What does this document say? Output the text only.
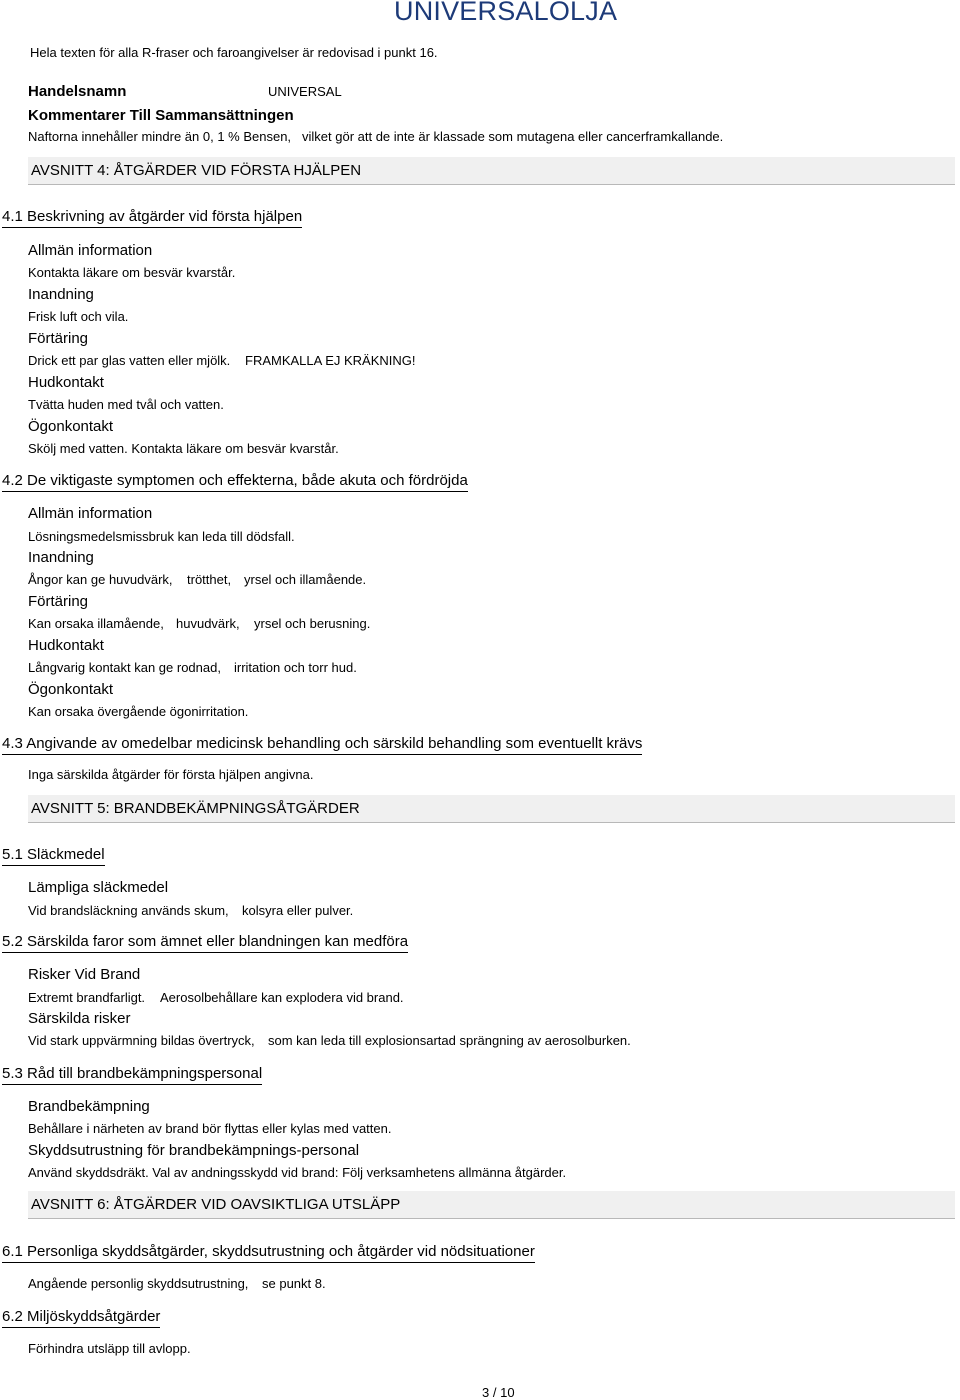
UNIVERSALOLJA
Hela texten för alla R-fraser och faroangivelser är redovisad i punkt 16.
Handelsnamn	UNIVERSAL
Kommentarer Till Sammansättningen
Naftorna innehåller mindre än 0, 1 % Bensen, vilket gör att de inte är klassade som mutagena eller cancerframkallande.
AVSNITT 4: ÅTGÄRDER VID FÖRSTA HJÄLPEN
4.1 Beskrivning av åtgärder vid första hjälpen
Allmän information
Kontakta läkare om besvär kvarstår.
Inandning
Frisk luft och vila.
Förtäring
Drick ett par glas vatten eller mjölk. FRAMKALLA EJ KRÄKNING!
Hudkontakt
Tvätta huden med tvål och vatten.
Ögonkontakt
Skölj med vatten. Kontakta läkare om besvär kvarstår.
4.2 De viktigaste symptomen och effekterna, både akuta och fördröjda
Allmän information
Lösningsmedelsmissbruk kan leda till dödsfall.
Inandning
Ångor kan ge huvudvärk, trötthet, yrsel och illamående.
Förtäring
Kan orsaka illamående, huvudvärk, yrsel och berusning.
Hudkontakt
Långvarig kontakt kan ge rodnad, irritation och torr hud.
Ögonkontakt
Kan orsaka övergående ögonirritation.
4.3 Angivande av omedelbar medicinsk behandling och särskild behandling som eventuellt krävs
Inga särskilda åtgärder för första hjälpen angivna.
AVSNITT 5: BRANDBEKÄMPNINGSÅTGÄRDER
5.1 Släckmedel
Lämpliga släckmedel
Vid brandsläckning används skum, kolsyra eller pulver.
5.2 Särskilda faror som ämnet eller blandningen kan medföra
Risker Vid Brand
Extremt brandfarligt. Aerosolbehållare kan explodera vid brand.
Särskilda risker
Vid stark uppvärmning bildas övertryck, som kan leda till explosionsartad sprängning av aerosolburken.
5.3 Råd till brandbekämpningspersonal
Brandbekämpning
Behållare i närheten av brand bör flyttas eller kylas med vatten.
Skyddsutrustning för brandbekämpnings-personal
Använd skyddsdräkt. Val av andningsskydd vid brand: Följ verksamhetens allmänna åtgärder.
AVSNITT 6: ÅTGÄRDER VID OAVSIKTLIGA UTSLÄPP
6.1 Personliga skyddsåtgärder, skyddsutrustning och åtgärder vid nödsituationer
Angående personlig skyddsutrustning, se punkt 8.
6.2 Miljöskyddsåtgärder
Förhindra utsläpp till avlopp.
3 / 10
